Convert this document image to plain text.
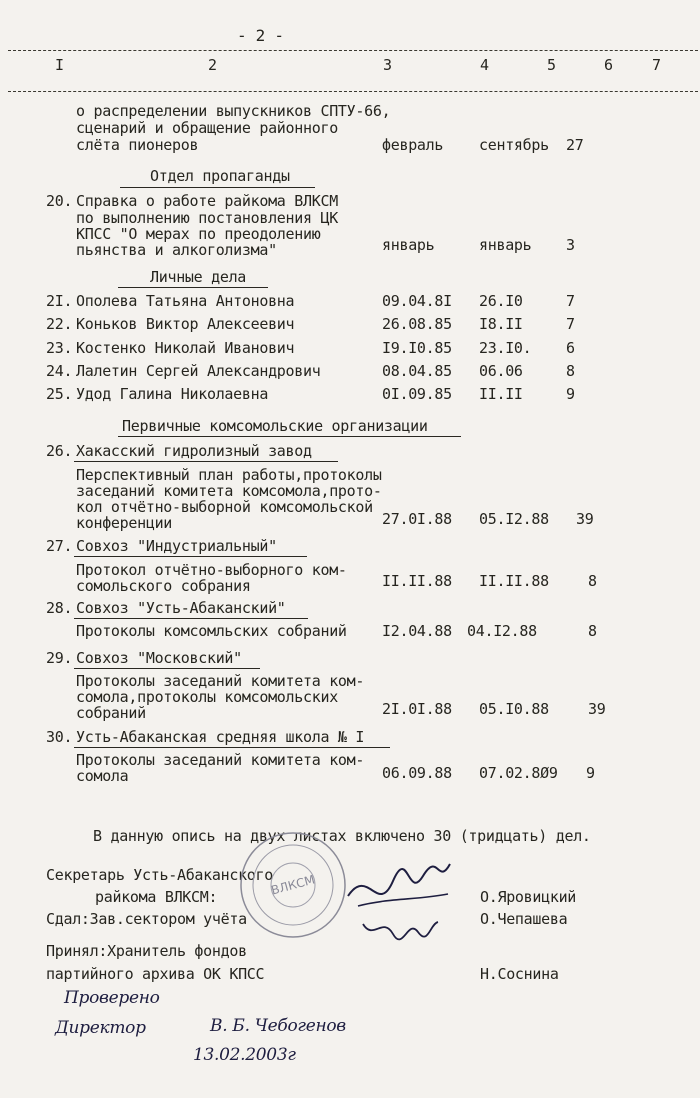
- 2 -
I	2	3	4	5	6	7
о распределении выпускников СПТУ-66,
сценарий и обращение районного
слёта пионеров	февраль сентябрь 27
Отдел пропаганды
20. Справка о работе райкома ВЛКСМ
по выполнению постановления ЦК
КПСС "О мерах по преодолению
пьянства и алкоголизма"	январь	январь 3
Личные дела
2I. Ополева Татьяна Антоновна	09.04.8I 26.I0	7
22. Коньков Виктор Алексеевич	26.08.85 I8.II	7
23. Костенко Николай Иванович	I9.I0.85 23.I0. 6
24. Лалетин Сергей Александрович	08.04.85 06.06	8
25. Удод Галина Николаевна	0I.09.85 II.II	9
Первичные комсомольские организации
26. Хакасский гидролизный завод
Перспективный план работы,протоколы
заседаний комитета комсомола,прото-
кол отчётно-выборной комсомольской
конференции	27.0I.88 05.I2.88 39
27. Совхоз "Индустриальный"
Протокол отчётно-выборного ком-
сомольского собрания	II.II.88 II.II.88	8
28. Совхоз "Усть-Абаканский"
Протоколы комсомльских собраний I2.04.88 04.I2.88	8
29. Совхоз "Московский"
Протоколы заседаний комитета ком-
сомола,протоколы комсомольских
собраний	2I.0I.88 05.I0.88	39
30. Усть-Абаканская средняя школа № I
Протоколы заседаний комитета ком-
сомола	06.09.88 07.02.8Ø9 9
В данную опись на двух листах включено 30 (тридцать) дел.
Секретарь Усть-Абаканского
райкома ВЛКСМ:	О.Яровицкий
Сдал:Зав.сектором учёта	О.Чепашева
Принял:Хранитель фондов
партийного архива ОК КПСС	Н.Соснина
ВЛКСМ
Проверено
Директор	В. Б. Чебогенов
13.02.2003г
